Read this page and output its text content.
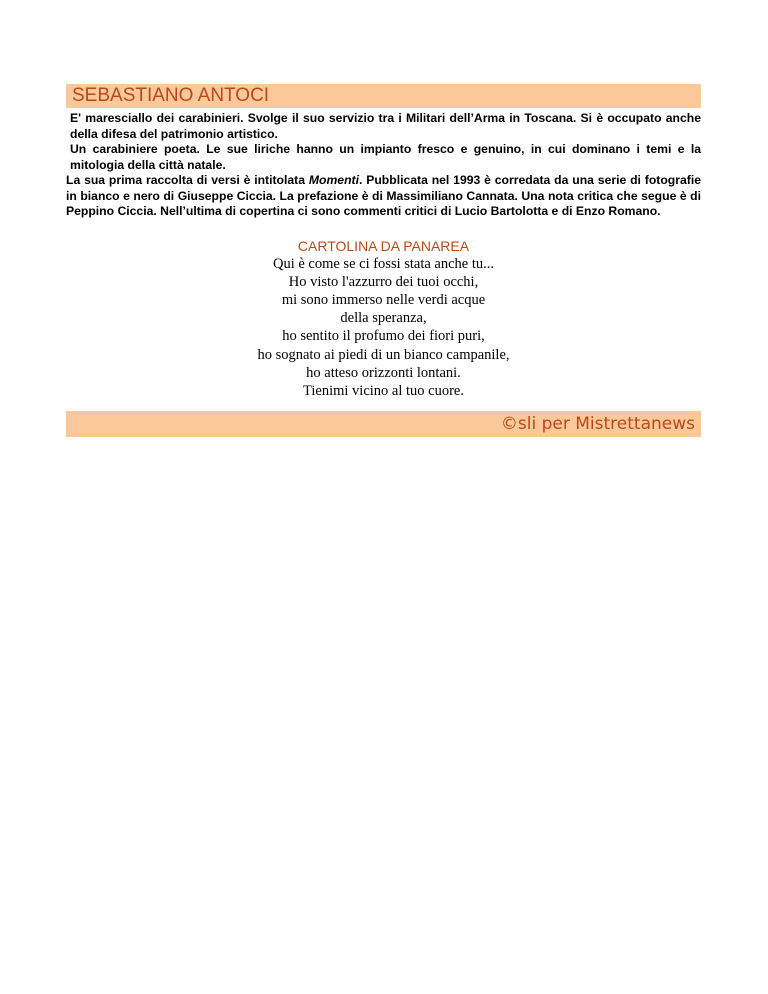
SEBASTIANO ANTOCI

E' maresciallo dei carabinieri. Svolge il suo servizio tra i Militari dell’Arma in Toscana. Si è occupato anche della difesa del patrimonio artistico.

Un carabiniere poeta. Le sue liriche hanno un impianto fresco e genuino, in cui dominano i temi e la mitologia della città natale.

La sua prima raccolta di versi è intitolata Momenti. Pubblicata nel 1993 è corredata da una serie di fotografie in bianco e nero di Giuseppe Ciccia. La prefazione è di Massimiliano Cannata. Una nota critica che segue è di Peppino Ciccia. Nell’ultima di copertina ci sono commenti critici di Lucio Bartolotta e di Enzo Romano.

CARTOLINA DA PANAREA
Qui è come se ci fossi stata anche tu...
Ho visto l'azzurro dei tuoi occhi,
mi sono immerso nelle verdi acque
della speranza,
ho sentito il profumo dei fiori puri,
ho sognato ai piedi di un bianco campanile,
ho atteso orizzonti lontani.
Tienimi vicino al tuo cuore.
©sli per Mistrettanews
